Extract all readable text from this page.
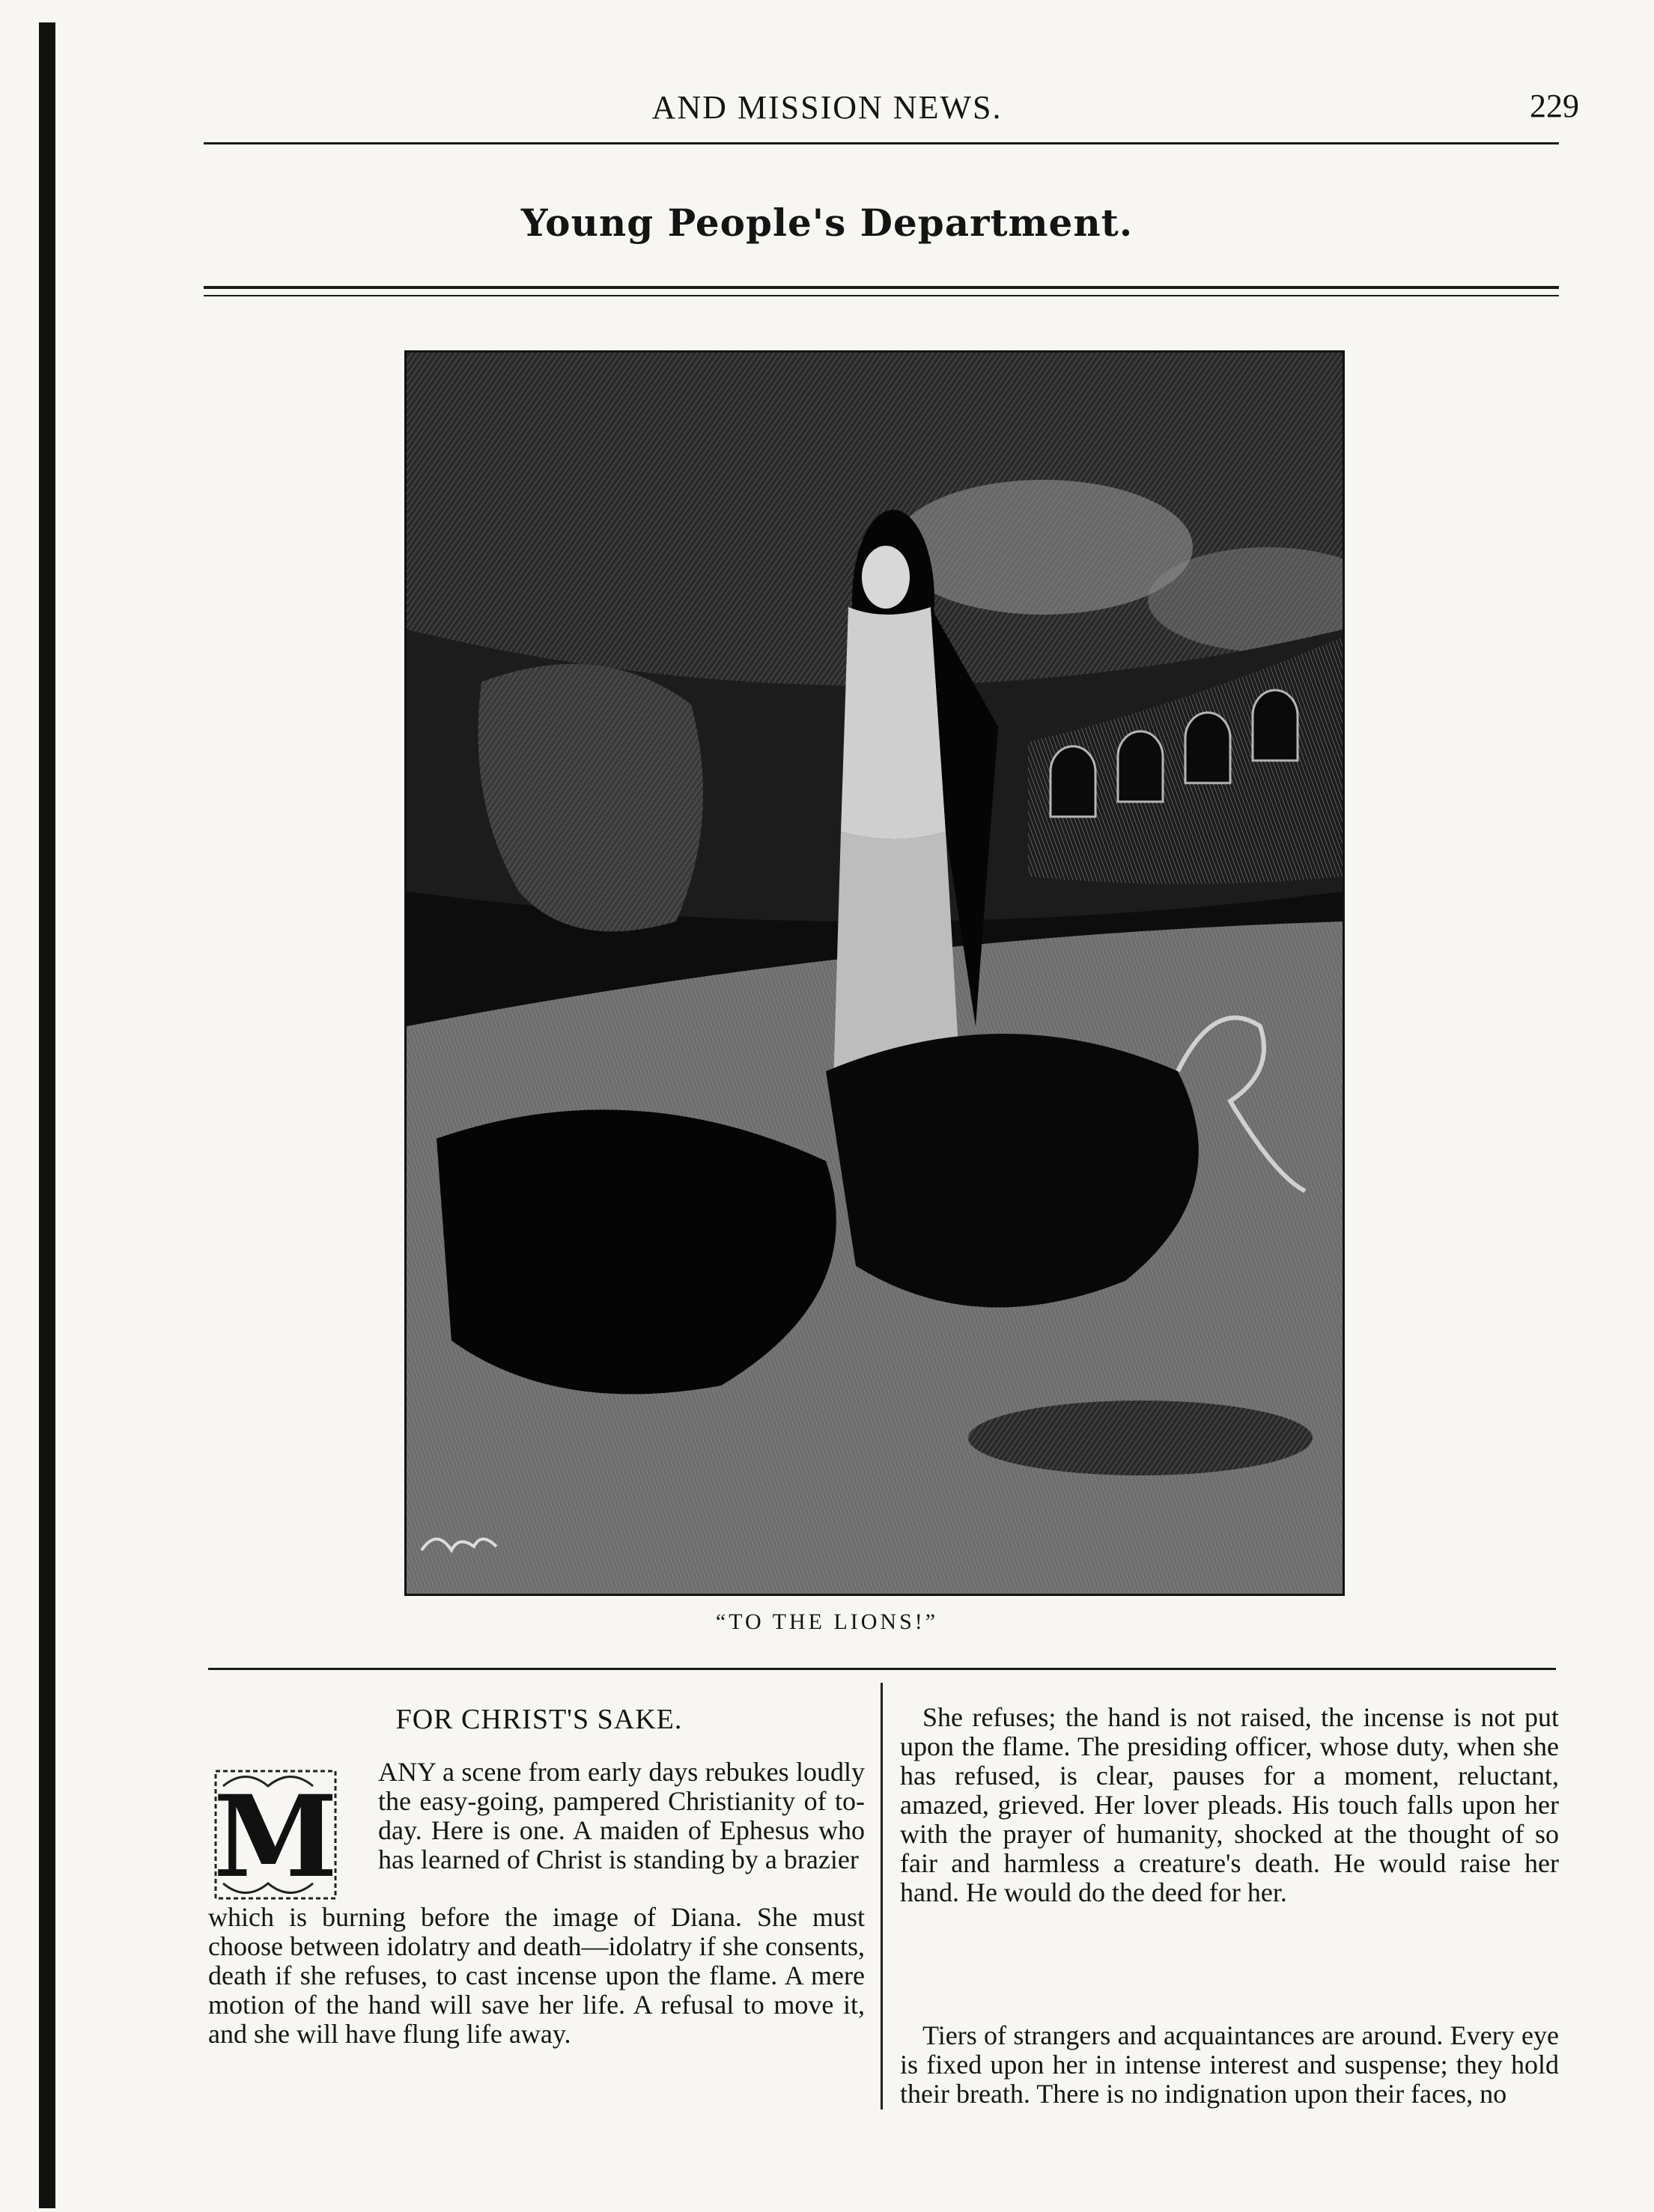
AND MISSION NEWS.	229
Young People's Department.
“TO THE LIONS!”
FOR CHRIST'S SAKE.
M ANY a scene from early days rebukes loudly the easy-going, pampered Christianity of to-day. Here is one. A maiden of Ephesus who has learned of Christ is standing by a brazier
which is burning before the image of Diana. She must choose between idolatry and death—idolatry if she consents, death if she refuses, to cast incense upon the flame. A mere motion of the hand will save her life. A refusal to move it, and she will have flung life away.
She refuses; the hand is not raised, the incense is not put upon the flame. The presiding officer, whose duty, when she has refused, is clear, pauses for a moment, reluctant, amazed, grieved. Her lover pleads. His touch falls upon her with the prayer of humanity, shocked at the thought of so fair and harmless a creature's death. He would raise her hand. He would do the deed for her.
Tiers of strangers and acquaintances are around. Every eye is fixed upon her in intense interest and suspense; they hold their breath. There is no indignation upon their faces, no
